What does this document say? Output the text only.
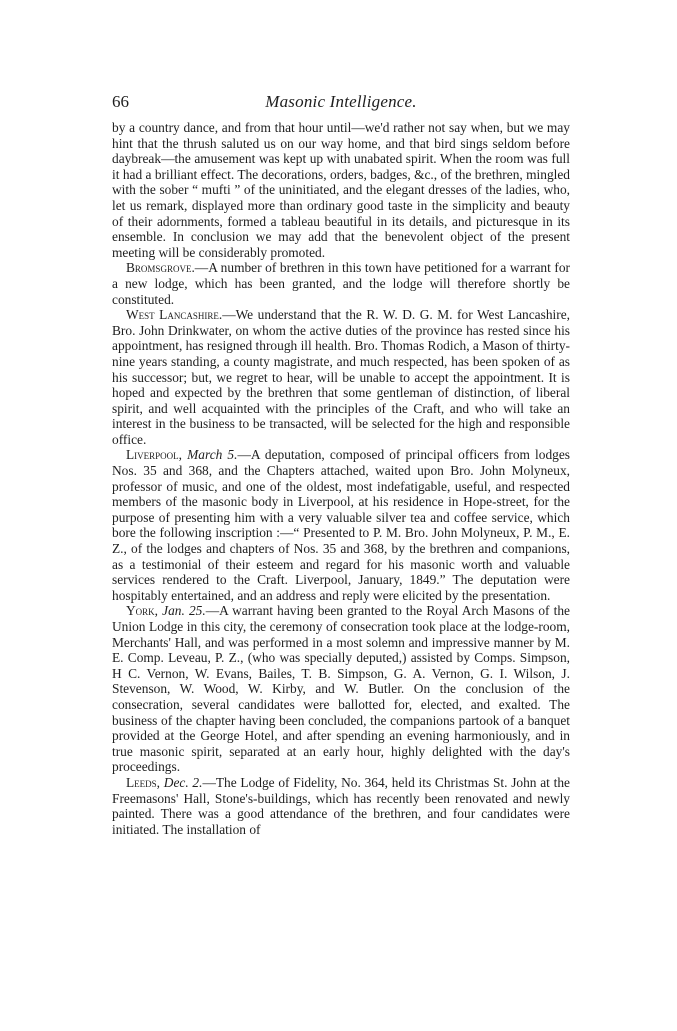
66	Masonic Intelligence.

by a country dance, and from that hour until—we'd rather not say when, but we may hint that the thrush saluted us on our way home, and that bird sings seldom before daybreak—the amusement was kept up with unabated spirit. When the room was full it had a brilliant effect. The decorations, orders, badges, &c., of the brethren, mingled with the sober “ mufti ” of the uninitiated, and the elegant dresses of the ladies, who, let us remark, displayed more than ordinary good taste in the simplicity and beauty of their adornments, formed a tableau beautiful in its details, and picturesque in its ensemble. In conclusion we may add that the benevolent object of the present meeting will be considerably promoted.

Bromsgrove.—A number of brethren in this town have petitioned for a warrant for a new lodge, which has been granted, and the lodge will therefore shortly be constituted.

West Lancashire.—We understand that the R. W. D. G. M. for West Lancashire, Bro. John Drinkwater, on whom the active duties of the province has rested since his appointment, has resigned through ill health. Bro. Thomas Rodich, a Mason of thirty-nine years standing, a county magistrate, and much respected, has been spoken of as his successor; but, we regret to hear, will be unable to accept the appointment. It is hoped and expected by the brethren that some gentleman of distinction, of liberal spirit, and well acquainted with the principles of the Craft, and who will take an interest in the business to be transacted, will be selected for the high and responsible office.

Liverpool, March 5.—A deputation, composed of principal officers from lodges Nos. 35 and 368, and the Chapters attached, waited upon Bro. John Molyneux, professor of music, and one of the oldest, most indefatigable, useful, and respected members of the masonic body in Liverpool, at his residence in Hope-street, for the purpose of presenting him with a very valuable silver tea and coffee service, which bore the following inscription :—“ Presented to P. M. Bro. John Molyneux, P. M., E. Z., of the lodges and chapters of Nos. 35 and 368, by the brethren and companions, as a testimonial of their esteem and regard for his masonic worth and valuable services rendered to the Craft. Liverpool, January, 1849.” The deputation were hospitably entertained, and an address and reply were elicited by the presentation.

York, Jan. 25.—A warrant having been granted to the Royal Arch Masons of the Union Lodge in this city, the ceremony of consecration took place at the lodge-room, Merchants' Hall, and was performed in a most solemn and impressive manner by M. E. Comp. Leveau, P. Z., (who was specially deputed,) assisted by Comps. Simpson, H C. Vernon, W. Evans, Bailes, T. B. Simpson, G. A. Vernon, G. I. Wilson, J. Stevenson, W. Wood, W. Kirby, and W. Butler. On the conclusion of the consecration, several candidates were ballotted for, elected, and exalted. The business of the chapter having been concluded, the companions partook of a banquet provided at the George Hotel, and after spending an evening harmoniously, and in true masonic spirit, separated at an early hour, highly delighted with the day's proceedings.

Leeds, Dec. 2.—The Lodge of Fidelity, No. 364, held its Christmas St. John at the Freemasons' Hall, Stone's-buildings, which has recently been renovated and newly painted. There was a good attendance of the brethren, and four candidates were initiated. The installation of
